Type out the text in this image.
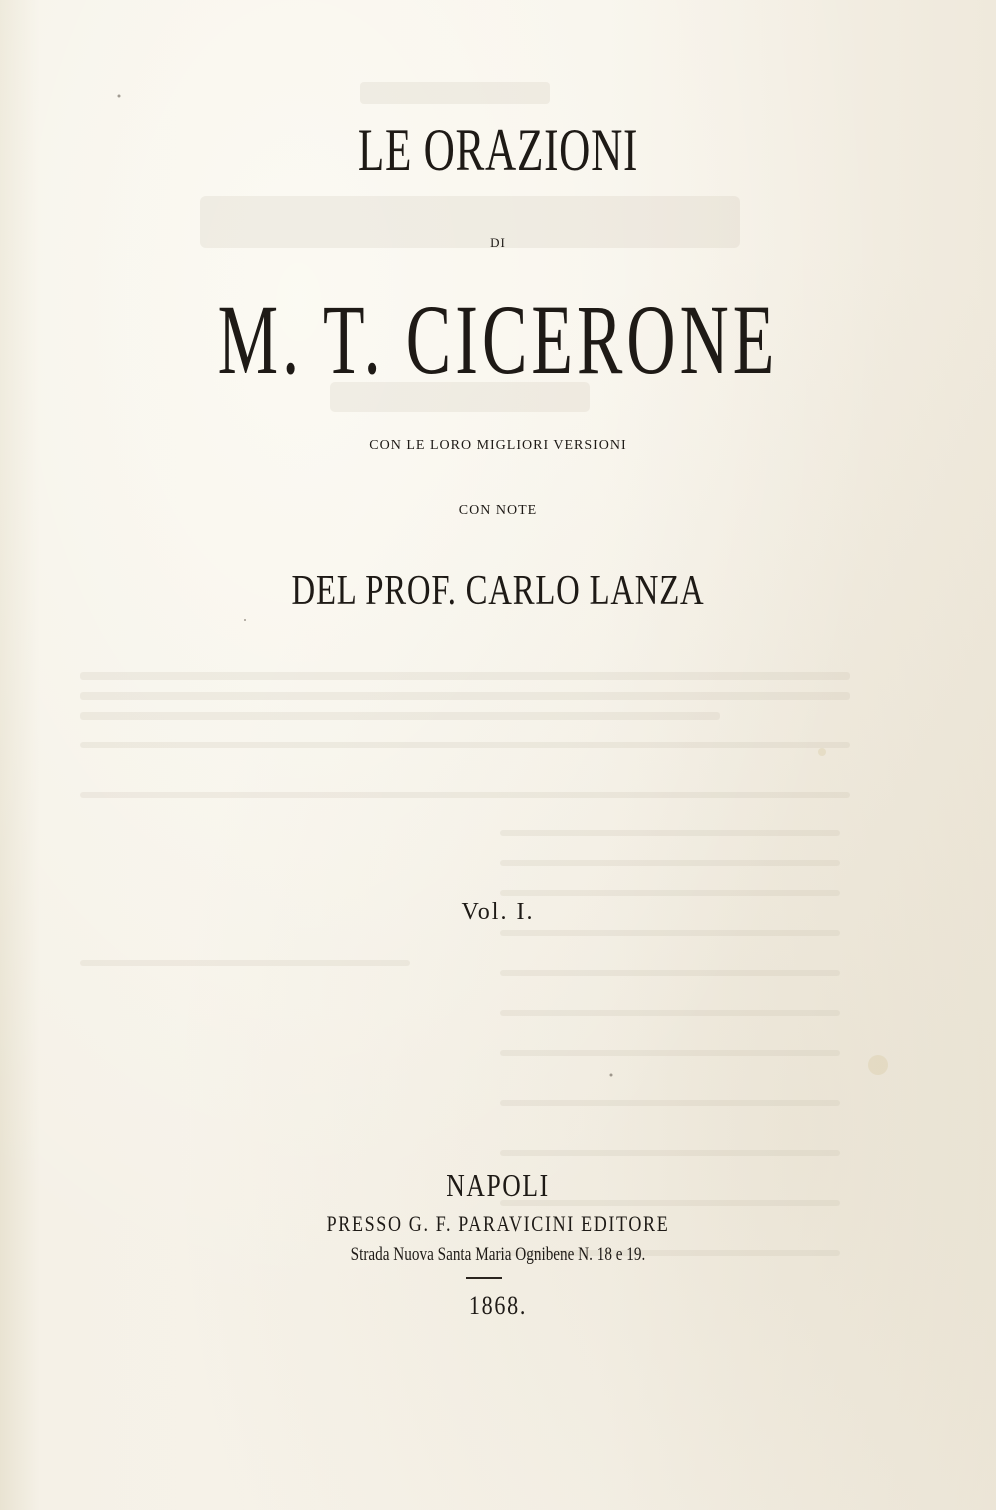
LE ORAZIONI
DI
M. T. CICERONE
CON LE LORO MIGLIORI VERSIONI
CON NOTE
DEL PROF. CARLO LANZA
Vol. I.
NAPOLI
PRESSO G. F. PARAVICINI EDITORE
Strada Nuova Santa Maria Ognibene N. 18 e 19.
1868.
